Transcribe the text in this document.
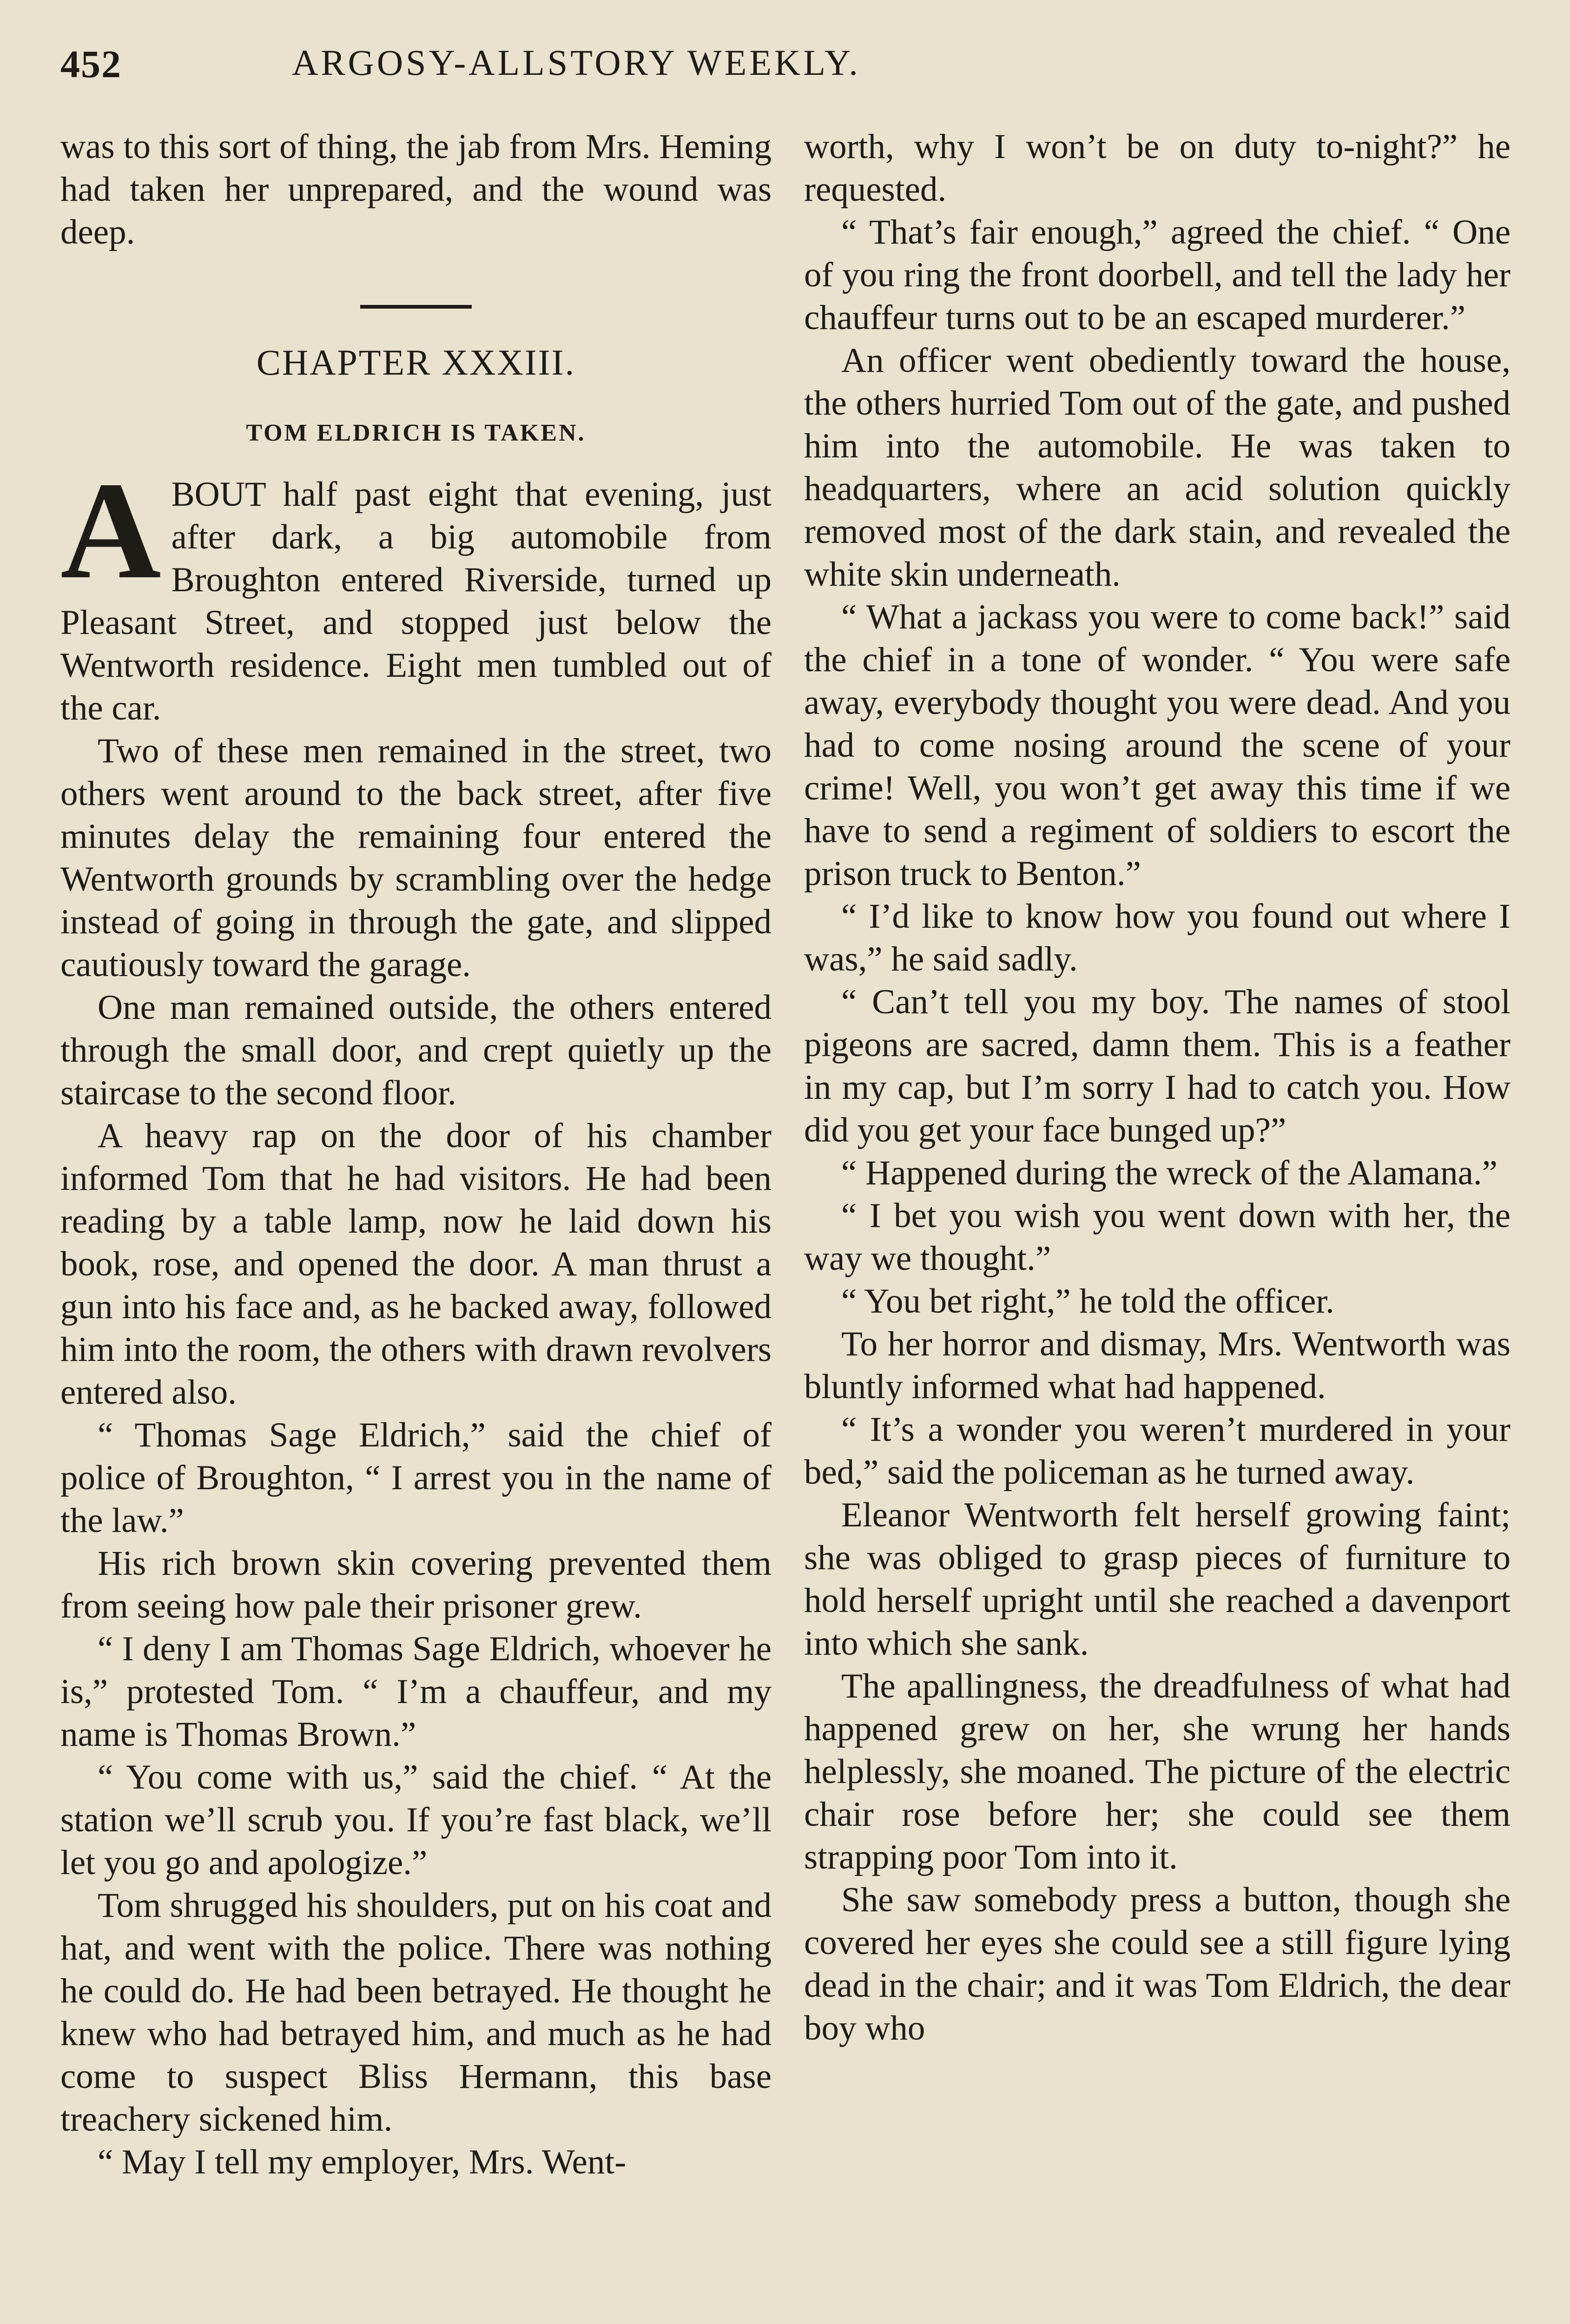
452	ARGOSY-ALLSTORY WEEKLY.

was to this sort of thing, the jab from Mrs. Heming had taken her unprepared, and the wound was deep.

CHAPTER XXXIII.
TOM ELDRICH IS TAKEN.

ABOUT half past eight that evening, just after dark, a big automobile from Broughton entered Riverside, turned up Pleasant Street, and stopped just below the Wentworth residence. Eight men tumbled out of the car.

Two of these men remained in the street, two others went around to the back street, after five minutes delay the remaining four entered the Wentworth grounds by scrambling over the hedge instead of going in through the gate, and slipped cautiously toward the garage.

One man remained outside, the others entered through the small door, and crept quietly up the staircase to the second floor.

A heavy rap on the door of his chamber informed Tom that he had visitors. He had been reading by a table lamp, now he laid down his book, rose, and opened the door. A man thrust a gun into his face and, as he backed away, followed him into the room, the others with drawn revolvers entered also.

“ Thomas Sage Eldrich,” said the chief of police of Broughton, “ I arrest you in the name of the law.”

His rich brown skin covering prevented them from seeing how pale their prisoner grew.

“ I deny I am Thomas Sage Eldrich, whoever he is,” protested Tom. “ I’m a chauffeur, and my name is Thomas Brown.”

“ You come with us,” said the chief. “ At the station we’ll scrub you. If you’re fast black, we’ll let you go and apologize.”

Tom shrugged his shoulders, put on his coat and hat, and went with the police. There was nothing he could do. He had been betrayed. He thought he knew who had betrayed him, and much as he had come to suspect Bliss Hermann, this base treachery sickened him.

“ May I tell my employer, Mrs. Went-

worth, why I won’t be on duty to-night?” he requested.

“ That’s fair enough,” agreed the chief. “ One of you ring the front doorbell, and tell the lady her chauffeur turns out to be an escaped murderer.”

An officer went obediently toward the house, the others hurried Tom out of the gate, and pushed him into the automobile. He was taken to headquarters, where an acid solution quickly removed most of the dark stain, and revealed the white skin underneath.

“ What a jackass you were to come back!” said the chief in a tone of wonder. “ You were safe away, everybody thought you were dead. And you had to come nosing around the scene of your crime! Well, you won’t get away this time if we have to send a regiment of soldiers to escort the prison truck to Benton.”

“ I’d like to know how you found out where I was,” he said sadly.

“ Can’t tell you my boy. The names of stool pigeons are sacred, damn them. This is a feather in my cap, but I’m sorry I had to catch you. How did you get your face bunged up?”

“ Happened during the wreck of the Alamana.”

“ I bet you wish you went down with her, the way we thought.”

“ You bet right,” he told the officer.

To her horror and dismay, Mrs. Wentworth was bluntly informed what had happened.

“ It’s a wonder you weren’t murdered in your bed,” said the policeman as he turned away.

Eleanor Wentworth felt herself growing faint; she was obliged to grasp pieces of furniture to hold herself upright until she reached a davenport into which she sank.

The apallingness, the dreadfulness of what had happened grew on her, she wrung her hands helplessly, she moaned. The picture of the electric chair rose before her; she could see them strapping poor Tom into it.

She saw somebody press a button, though she covered her eyes she could see a still figure lying dead in the chair; and it was Tom Eldrich, the dear boy who
